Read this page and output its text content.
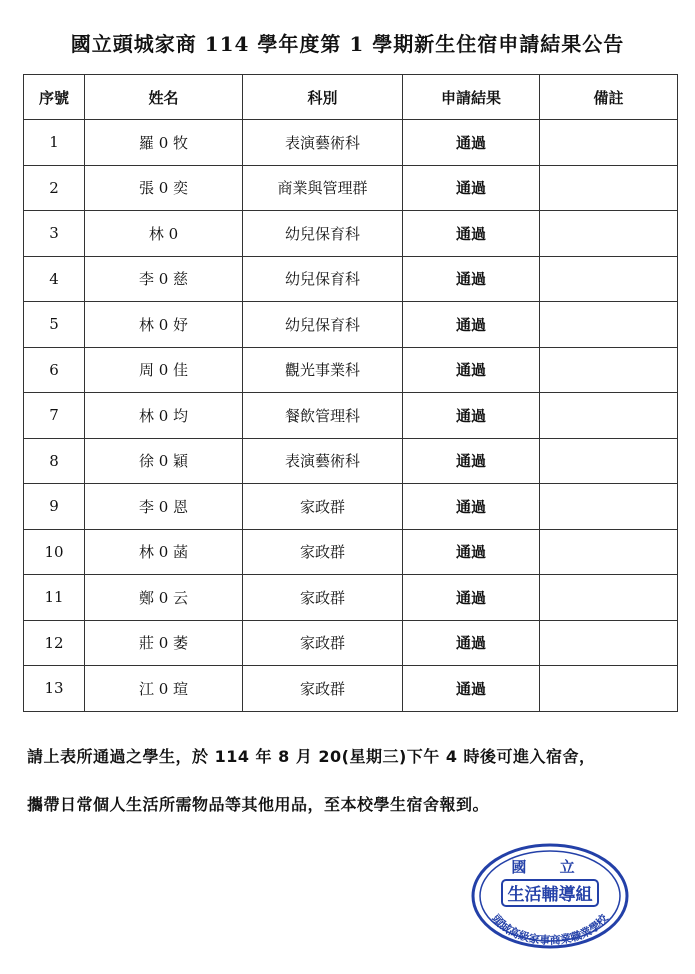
國立頭城家商 114 學年度第 1 學期新生住宿申請結果公告
序號	姓名	科別	申請結果	備註
1	羅 0 牧	表演藝術科	通過	
2	張 0 奕	商業與管理群	通過	
3	林 0	幼兒保育科	通過	
4	李 0 慈	幼兒保育科	通過	
5	林 0 妤	幼兒保育科	通過	
6	周 0 佳	觀光事業科	通過	
7	林 0 均	餐飲管理科	通過	
8	徐 0 穎	表演藝術科	通過	
9	李 0 恩	家政群	通過	
10	林 0 菡	家政群	通過	
11	鄭 0 云	家政群	通過	
12	莊 0 萎	家政群	通過	
13	江 0 瑄	家政群	通過	
請上表所通過之學生，於 114 年 8 月 20(星期三)下午 4 時後可進入宿舍，
攜帶日常個人生活所需物品等其他用品，至本校學生宿舍報到。
國 立
生活輔導組
頭城高級家事商業職業學校
